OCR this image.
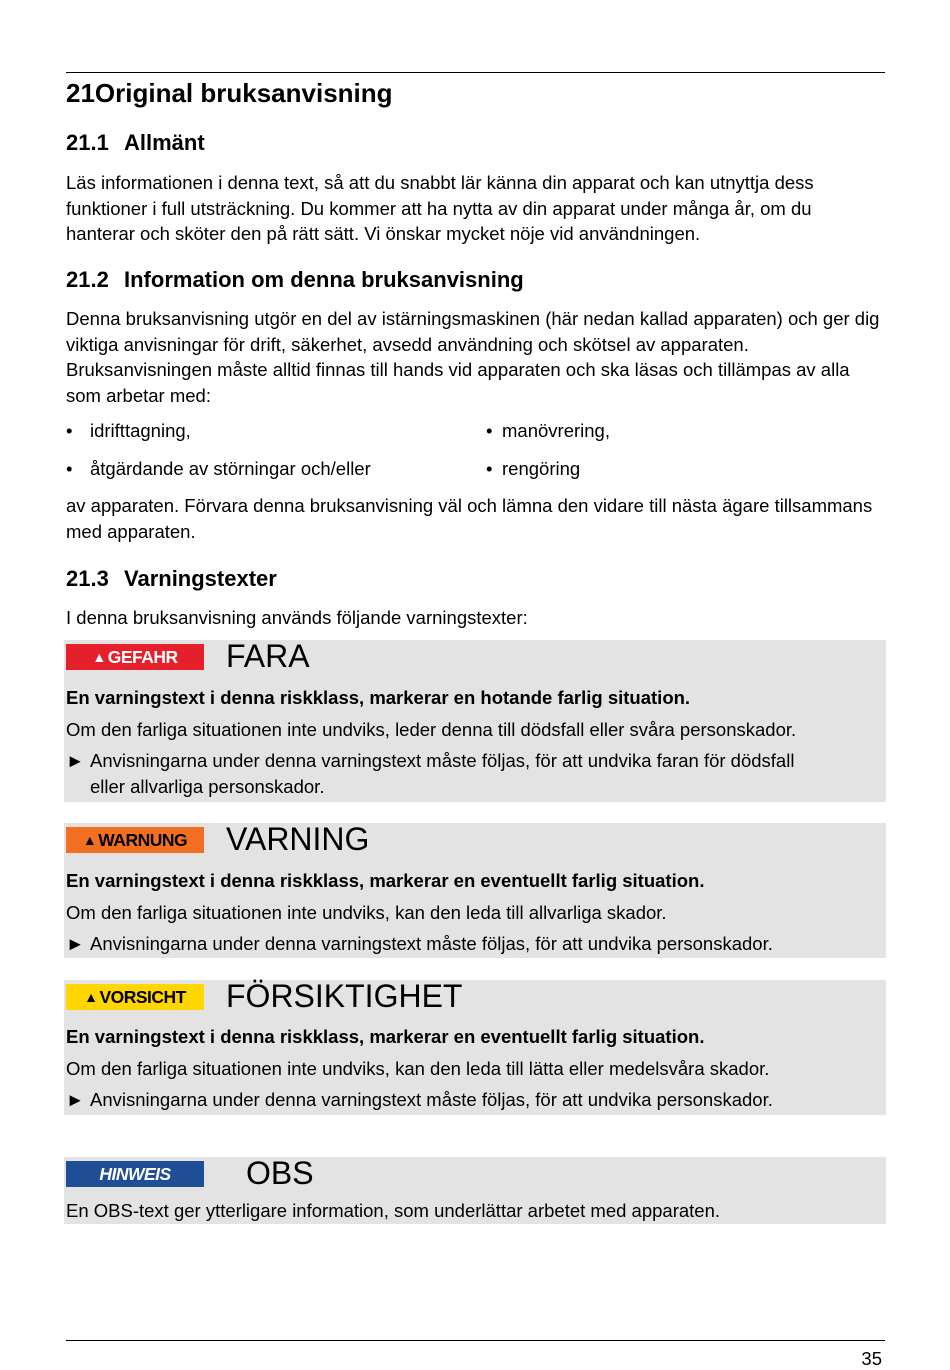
21Original bruksanvisning
21.1 Allmänt

Läs informationen i denna text, så att du snabbt lär känna din apparat och kan utnyttja dess funktioner i full utsträckning. Du kommer att ha nytta av din apparat under många år, om du hanterar och sköter den på rätt sätt. Vi önskar mycket nöje vid användningen.

21.2 Information om denna bruksanvisning

Denna bruksanvisning utgör en del av istärningsmaskinen (här nedan kallad apparaten) och ger dig viktiga anvisningar för drift, säkerhet, avsedd användning och skötsel av apparaten. Bruksanvisningen måste alltid finnas till hands vid apparaten och ska läsas och tillämpas av alla som arbetar med:

• idrifttagning,	• manövrering,
• åtgärdande av störningar och/eller	• rengöring

av apparaten. Förvara denna bruksanvisning väl och lämna den vidare till nästa ägare tillsammans med apparaten.

21.3 Varningstexter

I denna bruksanvisning används följande varningstexter:

▲ GEFAHR FARA
En varningstext i denna riskklass, markerar en hotande farlig situation.
Om den farliga situationen inte undviks, leder denna till dödsfall eller svåra personskador.
► Anvisningarna under denna varningstext måste följas, för att undvika faran för dödsfall
eller allvarliga personskador.
▲ WARNUNG VARNING
En varningstext i denna riskklass, markerar en eventuellt farlig situation.
Om den farliga situationen inte undviks, kan den leda till allvarliga skador.
► Anvisningarna under denna varningstext måste följas, för att undvika personskador.
▲ VORSICHT FÖRSIKTIGHET
En varningstext i denna riskklass, markerar en eventuellt farlig situation.
Om den farliga situationen inte undviks, kan den leda till lätta eller medelsvåra skador.
► Anvisningarna under denna varningstext måste följas, för att undvika personskador.
HINWEIS OBS
En OBS-text ger ytterligare information, som underlättar arbetet med apparaten.
35
